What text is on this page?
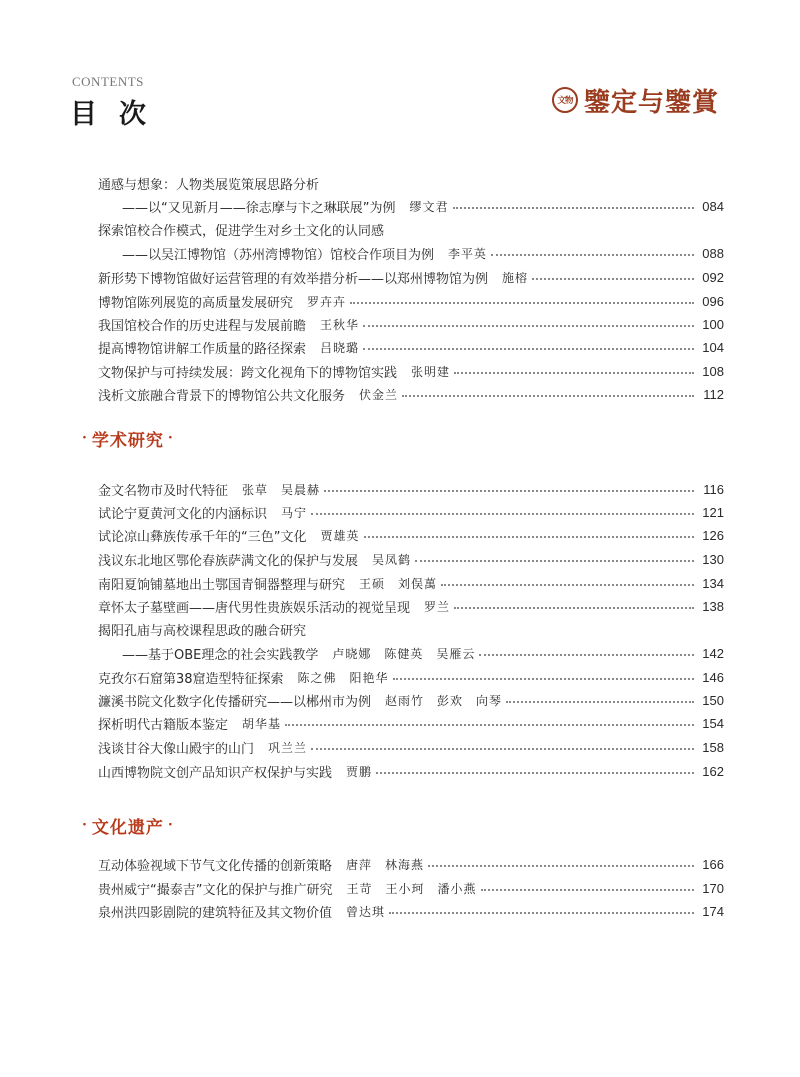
CONTENTS
目次	文物 鑒定与鑒賞
通感与想象：人物类展览策展思路分析
——以“又见新月——徐志摩与卞之琳联展”为例 缪文君	084
探索馆校合作模式，促进学生对乡土文化的认同感
——以吴江博物馆（苏州湾博物馆）馆校合作项目为例 李平英	088
新形势下博物馆做好运营管理的有效举措分析——以郑州博物馆为例 施榕	092
博物馆陈列展览的高质量发展研究 罗卉卉	096
我国馆校合作的历史进程与发展前瞻 王秋华	100
提高博物馆讲解工作质量的路径探索 吕晓璐	104
文物保护与可持续发展：跨文化视角下的博物馆实践 张明建	108
浅析文旅融合背景下的博物馆公共文化服务 伏金兰	112
· 学术研究 ·
金文名物市及时代特征 张草　吴晨赫	116
试论宁夏黄河文化的内涵标识 马宁	121
试论凉山彝族传承千年的“三色”文化 贾雄英	126
浅议东北地区鄂伦春族萨满文化的保护与发展 吴凤鹤	130
南阳夏饷铺墓地出土鄂国青铜器整理与研究 王硕　刘俣萬	134
章怀太子墓壁画——唐代男性贵族娱乐活动的视觉呈现 罗兰	138
揭阳孔庙与高校课程思政的融合研究
——基于OBE理念的社会实践教学 卢晓娜　陈健英　吴雁云	142
克孜尔石窟第38窟造型特征探索 陈之佛　阳艳华	146
濂溪书院文化数字化传播研究——以郴州市为例 赵雨竹　彭欢　向琴	150
探析明代古籍版本鉴定 胡华基	154
浅谈甘谷大像山殿宇的山门 巩兰兰	158
山西博物院文创产品知识产权保护与实践 贾鹏	162
· 文化遗产 ·
互动体验视域下节气文化传播的创新策略 唐萍　林海燕	166
贵州威宁“撮泰吉”文化的保护与推广研究 王苛　王小珂　潘小燕	170
泉州洪四影剧院的建筑特征及其文物价值 曾达琪	174
